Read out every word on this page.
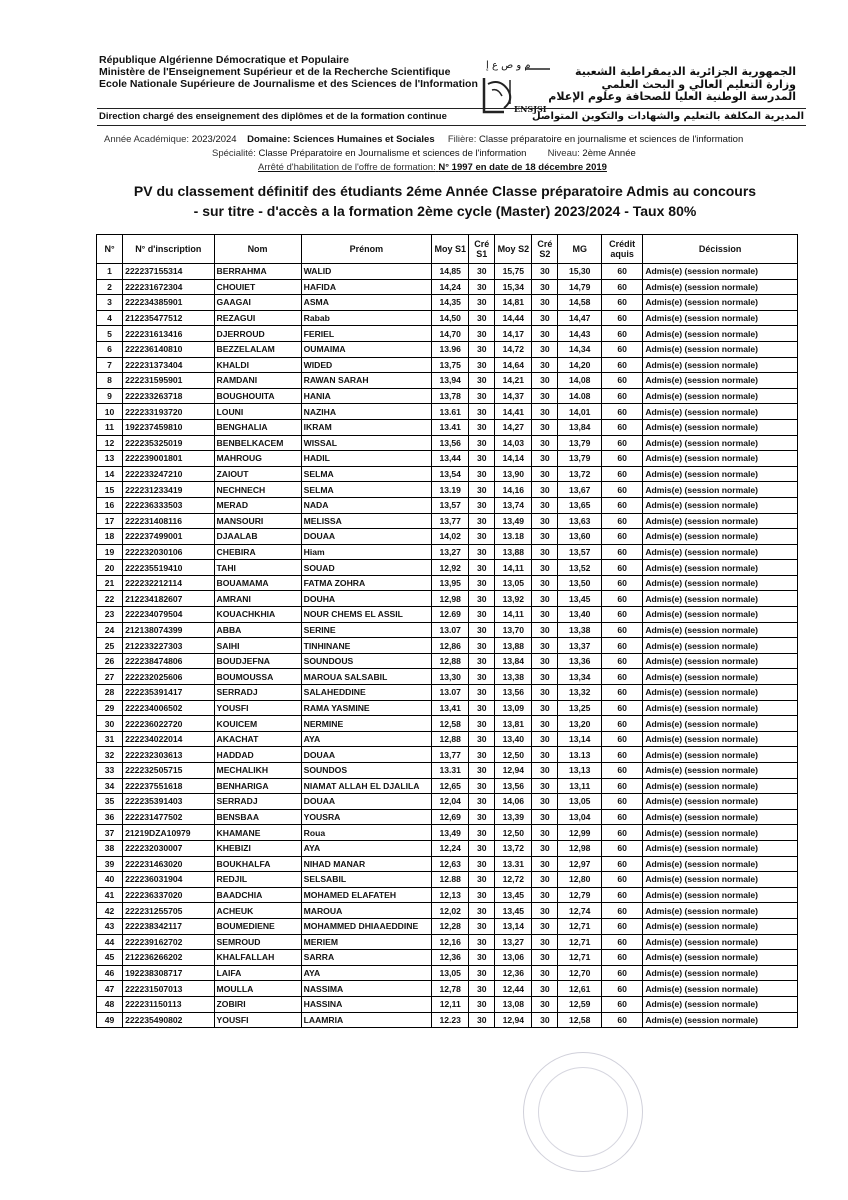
République Algérienne Démocratique et Populaire
Ministère de l'Enseignement Supérieur et de la Recherche Scientifique
Ecole Nationale Supérieure de Journalisme et des Sciences de l'Information
م و ص ع إ
ENSJSI
الجمهورية الجزائرية الديمقراطية الشعبية
وزارة التعليم العالي و البحث العلمي
المدرسة الوطنية العليا للصحافة وعلوم الإعلام
Direction chargé des enseignement des diplômes et de la formation continue	المديرية المكلفة بالتعليم والشهادات والتكوين المتواصل
Année Académique: 2023/2024 Domaine: Sciences Humaines et Sociales Filière: Classe préparatoire en journalisme et sciences de l'information
Spécialité: Classe Préparatoire en Journalisme et sciences de l'information Niveau: 2ème Année
Arrêté d'habilitation de l'offre de formation: N° 1997 en date de 18 décembre 2019
PV du classement définitif des étudiants 2éme Année Classe préparatoire Admis au concours
- sur titre - d'accès a la formation 2ème cycle (Master) 2023/2024 - Taux 80%
N°	N° d'inscription	Nom	Prénom	Moy S1	Cré S1	Moy S2	Cré S2	MG	Crédit aquis	Décission
1	222237155314	BERRAHMA	WALID	14,85	30	15,75	30	15,30	60	Admis(e) (session normale)
2	222231672304	CHOUIET	HAFIDA	14,24	30	15,34	30	14,79	60	Admis(e) (session normale)
3	222234385901	GAAGAI	ASMA	14,35	30	14,81	30	14,58	60	Admis(e) (session normale)
4	212235477512	REZAGUI	Rabab	14,50	30	14,44	30	14,47	60	Admis(e) (session normale)
5	222231613416	DJERROUD	FERIEL	14,70	30	14,17	30	14,43	60	Admis(e) (session normale)
6	222236140810	BEZZELALAM	OUMAIMA	13.96	30	14,72	30	14,34	60	Admis(e) (session normale)
7	222231373404	KHALDI	WIDED	13,75	30	14,64	30	14,20	60	Admis(e) (session normale)
8	222231595901	RAMDANI	RAWAN SARAH	13,94	30	14,21	30	14,08	60	Admis(e) (session normale)
9	222233263718	BOUGHOUITA	HANIA	13,78	30	14,37	30	14.08	60	Admis(e) (session normale)
10	222233193720	LOUNI	NAZIHA	13.61	30	14,41	30	14,01	60	Admis(e) (session normale)
11	192237459810	BENGHALIA	IKRAM	13.41	30	14,27	30	13,84	60	Admis(e) (session normale)
12	222235325019	BENBELKACEM	WISSAL	13,56	30	14,03	30	13,79	60	Admis(e) (session normale)
13	222239001801	MAHROUG	HADIL	13,44	30	14,14	30	13,79	60	Admis(e) (session normale)
14	222233247210	ZAIOUT	SELMA	13,54	30	13,90	30	13,72	60	Admis(e) (session normale)
15	222231233419	NECHNECH	SELMA	13.19	30	14,16	30	13,67	60	Admis(e) (session normale)
16	222236333503	MERAD	NADA	13,57	30	13,74	30	13,65	60	Admis(e) (session normale)
17	222231408116	MANSOURI	MELISSA	13,77	30	13,49	30	13,63	60	Admis(e) (session normale)
18	222237499001	DJAALAB	DOUAA	14,02	30	13.18	30	13,60	60	Admis(e) (session normale)
19	222232030106	CHEBIRA	Hiam	13,27	30	13,88	30	13,57	60	Admis(e) (session normale)
20	222235519410	TAHI	SOUAD	12,92	30	14,11	30	13,52	60	Admis(e) (session normale)
21	222232212114	BOUAMAMA	FATMA ZOHRA	13,95	30	13,05	30	13,50	60	Admis(e) (session normale)
22	212234182607	AMRANI	DOUHA	12,98	30	13,92	30	13,45	60	Admis(e) (session normale)
23	222234079504	KOUACHKHIA	NOUR CHEMS EL ASSIL	12.69	30	14,11	30	13,40	60	Admis(e) (session normale)
24	212138074399	ABBA	SERINE	13.07	30	13,70	30	13,38	60	Admis(e) (session normale)
25	212233227303	SAIHI	TINHINANE	12,86	30	13,88	30	13,37	60	Admis(e) (session normale)
26	222238474806	BOUDJEFNA	SOUNDOUS	12,88	30	13,84	30	13,36	60	Admis(e) (session normale)
27	222232025606	BOUMOUSSA	MAROUA SALSABIL	13,30	30	13,38	30	13,34	60	Admis(e) (session normale)
28	222235391417	SERRADJ	SALAHEDDINE	13.07	30	13,56	30	13,32	60	Admis(e) (session normale)
29	222234006502	YOUSFI	RAMA YASMINE	13,41	30	13,09	30	13,25	60	Admis(e) (session normale)
30	222236022720	KOUICEM	NERMINE	12,58	30	13,81	30	13,20	60	Admis(e) (session normale)
31	222234022014	AKACHAT	AYA	12,88	30	13,40	30	13,14	60	Admis(e) (session normale)
32	222232303613	HADDAD	DOUAA	13,77	30	12,50	30	13.13	60	Admis(e) (session normale)
33	222232505715	MECHALIKH	SOUNDOS	13.31	30	12,94	30	13,13	60	Admis(e) (session normale)
34	222237551618	BENHARIGA	NIAMAT ALLAH EL DJALILA	12,65	30	13,56	30	13,11	60	Admis(e) (session normale)
35	222235391403	SERRADJ	DOUAA	12,04	30	14,06	30	13,05	60	Admis(e) (session normale)
36	222231477502	BENSBAA	YOUSRA	12,69	30	13,39	30	13,04	60	Admis(e) (session normale)
37	21219DZA10979	KHAMANE	Roua	13,49	30	12,50	30	12,99	60	Admis(e) (session normale)
38	222232030007	KHEBIZI	AYA	12,24	30	13,72	30	12,98	60	Admis(e) (session normale)
39	222231463020	BOUKHALFA	NIHAD MANAR	12,63	30	13.31	30	12,97	60	Admis(e) (session normale)
40	222236031904	REDJIL	SELSABIL	12.88	30	12,72	30	12,80	60	Admis(e) (session normale)
41	222236337020	BAADCHIA	MOHAMED ELAFATEH	12,13	30	13,45	30	12,79	60	Admis(e) (session normale)
42	222231255705	ACHEUK	MAROUA	12,02	30	13,45	30	12,74	60	Admis(e) (session normale)
43	222238342117	BOUMEDIENE	MOHAMMED DHIAAEDDINE	12,28	30	13,14	30	12,71	60	Admis(e) (session normale)
44	222239162702	SEMROUD	MERIEM	12,16	30	13,27	30	12,71	60	Admis(e) (session normale)
45	212236266202	KHALFALLAH	SARRA	12,36	30	13,06	30	12,71	60	Admis(e) (session normale)
46	192238308717	LAIFA	AYA	13,05	30	12,36	30	12,70	60	Admis(e) (session normale)
47	222231507013	MOULLA	NASSIMA	12,78	30	12,44	30	12,61	60	Admis(e) (session normale)
48	222231150113	ZOBIRI	HASSINA	12,11	30	13,08	30	12,59	60	Admis(e) (session normale)
49	222235490802	YOUSFI	LAAMRIA	12.23	30	12,94	30	12,58	60	Admis(e) (session normale)
